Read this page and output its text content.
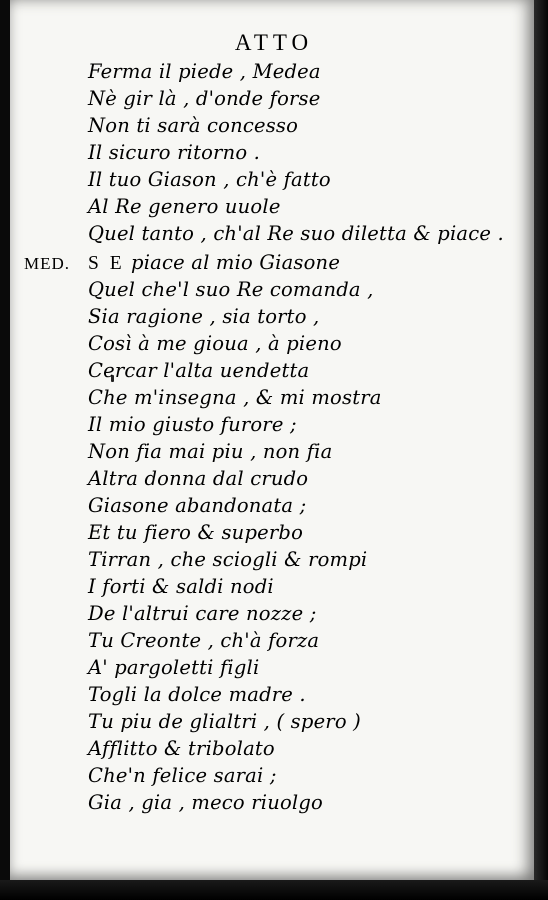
ATTO
MED.
Ferma il piede , Medea
Nè gir là , d'onde forse
Non ti sarà concesso
Il sicuro ritorno .
Il tuo Giason , ch'è fatto
Al Re genero uuole
Quel tanto , ch'al Re suo diletta & piace .
S E piace al mio Giasone
Quel che'l suo Re comanda ,
Sia ragione , sia torto ,
Così à me gioua , à pieno
Cercar l'alta uendetta
Che m'insegna , & mi mostra
Il mio giusto furore ;
Non fia mai piu , non fia
Altra donna dal crudo
Giasone abandonata ;
Et tu fiero & superbo
Tirran , che sciogli & rompi
I forti & saldi nodi
De l'altrui care nozze ;
Tu Creonte , ch'à forza
A' pargoletti figli
Togli la dolce madre .
Tu piu de glialtri , ( spero )
Afflitto & tribolato
Che'n felice sarai ;
Gia , gia , meco riuolgo
